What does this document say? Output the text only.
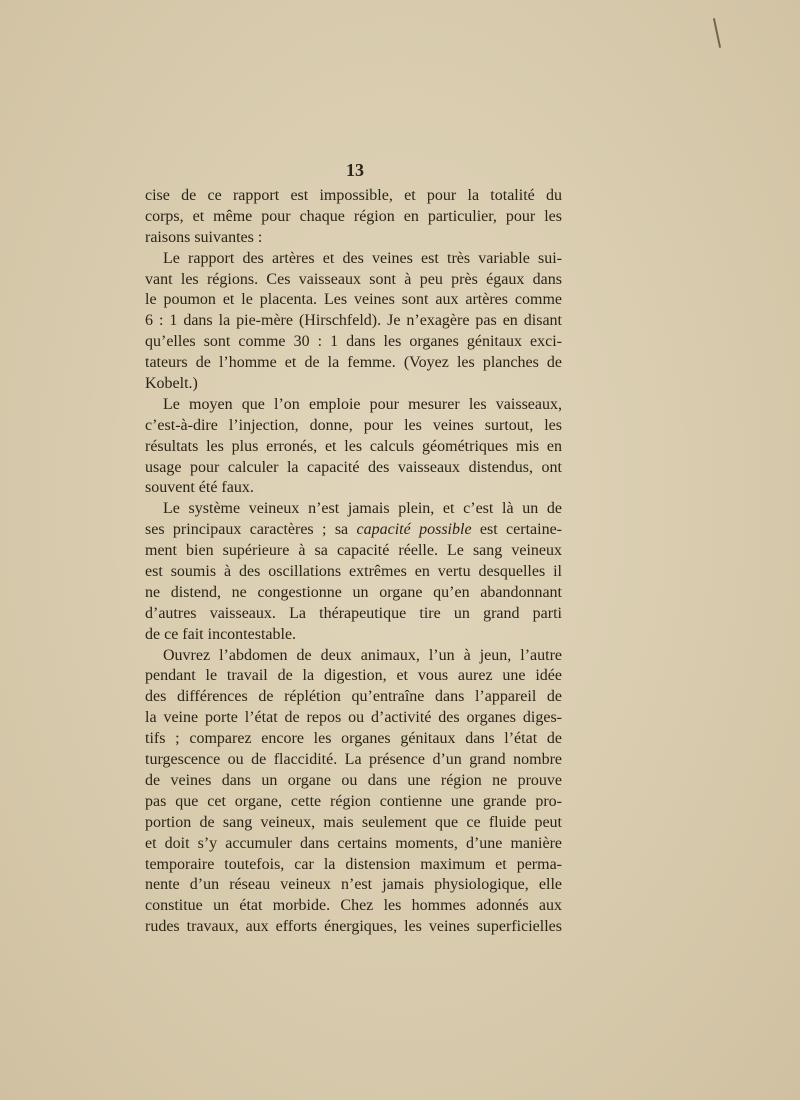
13

cise de ce rapport est impossible, et pour la totalité du
corps, et même pour chaque région en particulier, pour les
raisons suivantes :
Le rapport des artères et des veines est très variable sui-
vant les régions. Ces vaisseaux sont à peu près égaux dans
le poumon et le placenta. Les veines sont aux artères comme
6 : 1 dans la pie-mère (Hirschfeld). Je n’exagère pas en disant
qu’elles sont comme 30 : 1 dans les organes génitaux exci-
tateurs de l’homme et de la femme. (Voyez les planches de
Kobelt.)
Le moyen que l’on emploie pour mesurer les vaisseaux,
c’est-à-dire l’injection, donne, pour les veines surtout, les
résultats les plus erronés, et les calculs géométriques mis en
usage pour calculer la capacité des vaisseaux distendus, ont
souvent été faux.
Le système veineux n’est jamais plein, et c’est là un de
ses principaux caractères ; sa capacité possible est certaine-
ment bien supérieure à sa capacité réelle. Le sang veineux
est soumis à des oscillations extrêmes en vertu desquelles il
ne distend, ne congestionne un organe qu’en abandonnant
d’autres vaisseaux. La thérapeutique tire un grand parti
de ce fait incontestable.
Ouvrez l’abdomen de deux animaux, l’un à jeun, l’autre
pendant le travail de la digestion, et vous aurez une idée
des différences de réplétion qu’entraîne dans l’appareil de
la veine porte l’état de repos ou d’activité des organes diges-
tifs ; comparez encore les organes génitaux dans l’état de
turgescence ou de flaccidité. La présence d’un grand nombre
de veines dans un organe ou dans une région ne prouve
pas que cet organe, cette région contienne une grande pro-
portion de sang veineux, mais seulement que ce fluide peut
et doit s’y accumuler dans certains moments, d’une manière
temporaire toutefois, car la distension maximum et perma-
nente d’un réseau veineux n’est jamais physiologique, elle
constitue un état morbide. Chez les hommes adonnés aux
rudes travaux, aux efforts énergiques, les veines superficielles
